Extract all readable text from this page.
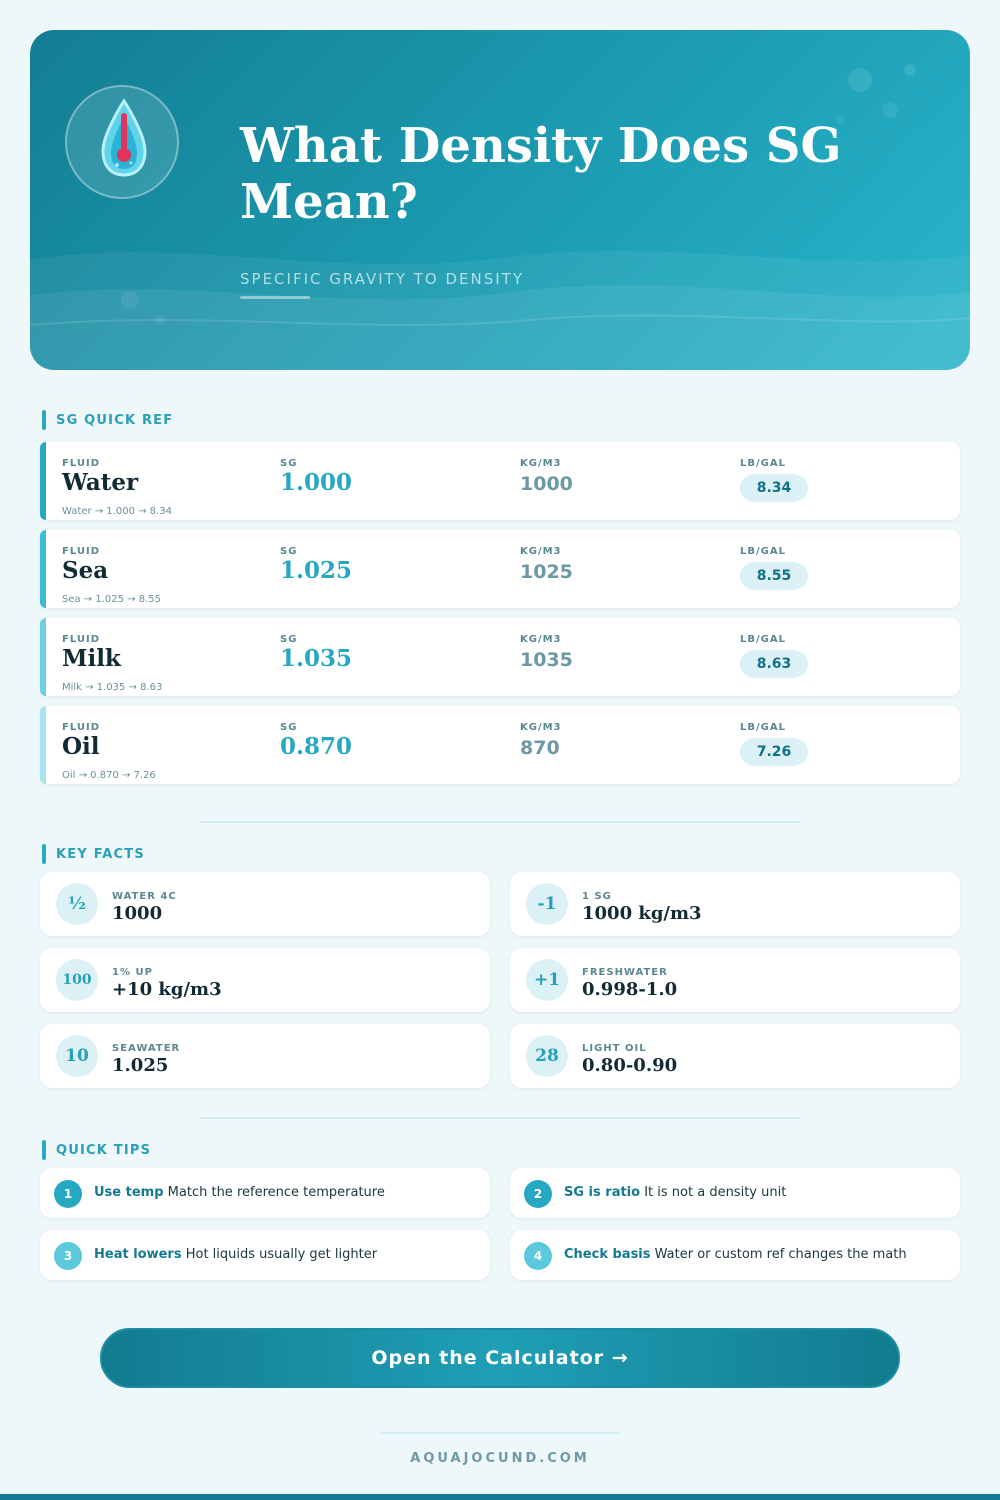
What Density Does SG Mean?
SPECIFIC GRAVITY TO DENSITY
SG QUICK REF
FLUID	SG	KG/M3	LB/GAL
Water	1.000	1000	8.34
Water → 1.000 → 8.34
FLUID	SG	KG/M3	LB/GAL
Sea	1.025	1025	8.55
Sea → 1.025 → 8.55
FLUID	SG	KG/M3	LB/GAL
Milk	1.035	1035	8.63
Milk → 1.035 → 8.63
FLUID	SG	KG/M3	LB/GAL
Oil	0.870	870	7.26
Oil → 0.870 → 7.26
KEY FACTS
½	WATER 4C
1000	-1	1 SG
1000 kg/m3
100	1% UP
+10 kg/m3	+1	FRESHWATER
0.998-1.0
10	SEAWATER
1.025	28	LIGHT OIL
0.80-0.90
QUICK TIPS
1	Use temp Match the reference temperature	2	SG is ratio It is not a density unit
3	Heat lowers Hot liquids usually get lighter	4	Check basis Water or custom ref changes the math
Open the Calculator →
AQUAJOCUND.COM
